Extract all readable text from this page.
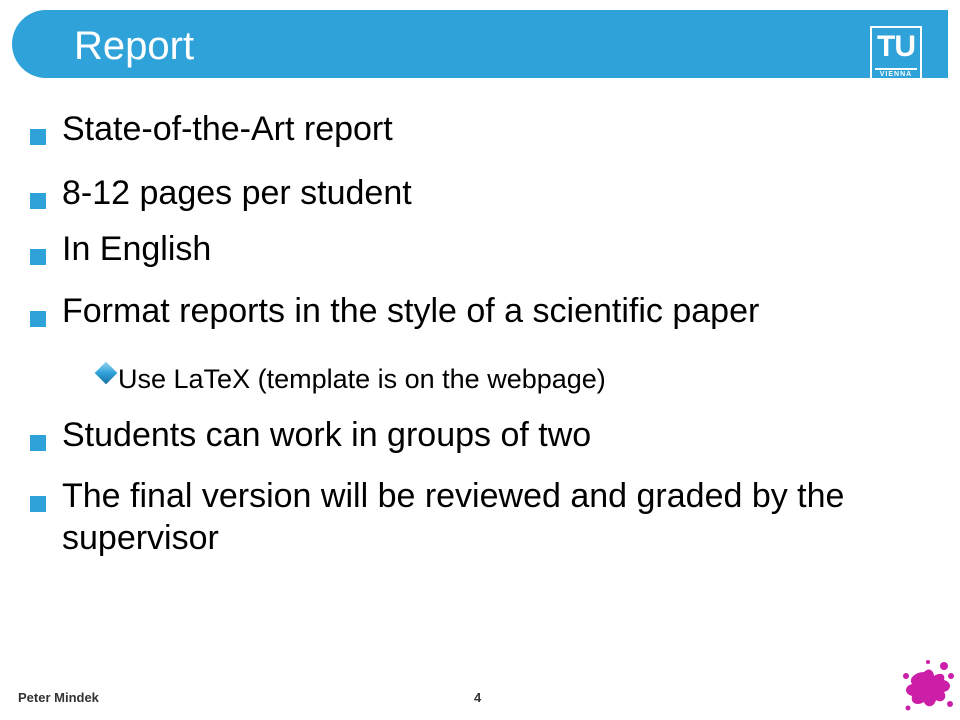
Report	TU
VIENNA
State-of-the-Art report
8-12 pages per student
In English
Format reports in the style of a scientific paper
Use LaTeX (template is on the webpage)
Students can work in groups of two
The final version will be reviewed and graded by the supervisor
Peter Mindek	4
